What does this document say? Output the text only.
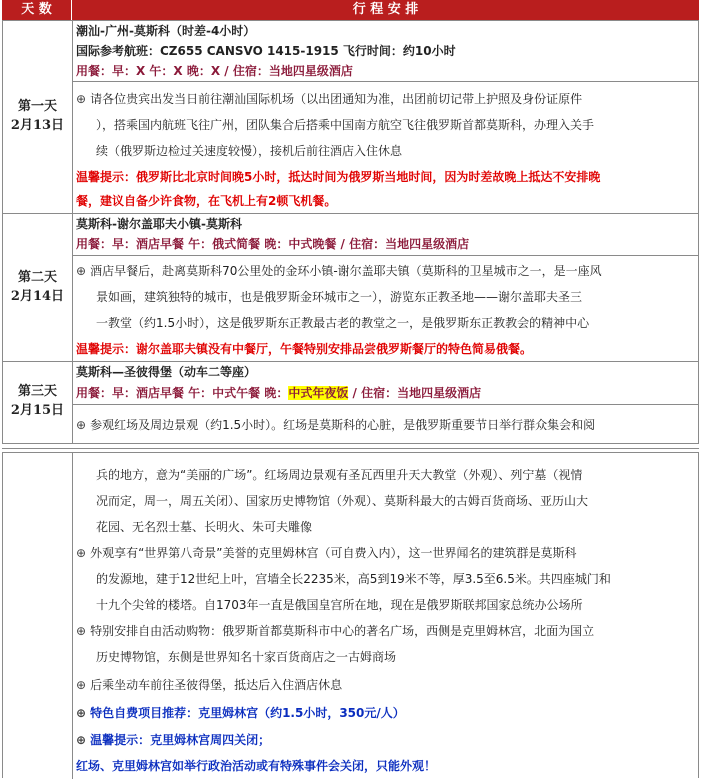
天 数	行 程 安 排
第一天
2月13日
第二天
2月14日
第三天
2月15日
潮汕-广州-莫斯科（时差-4小时）
国际参考航班：CZ655 CANSVO 1415-1915 飞行时间：约10小时
用餐：早：X 午：X 晚：X / 住宿：当地四星级酒店
⊕ 请各位贵宾出发当日前往潮汕国际机场（以出团通知为准，出团前切记带上护照及身份证原件
），搭乘国内航班飞往广州，团队集合后搭乘中国南方航空飞往俄罗斯首都莫斯科，办理入关手
续（俄罗斯边检过关速度较慢），接机后前往酒店入住休息
温馨提示：俄罗斯比北京时间晚5小时，抵达时间为俄罗斯当地时间，因为时差故晚上抵达不安排晚
餐，建议自备少许食物，在飞机上有2顿飞机餐。
莫斯科-谢尔盖耶夫小镇-莫斯科
用餐：早：酒店早餐 午：俄式简餐 晚：中式晚餐 / 住宿：当地四星级酒店
⊕ 酒店早餐后，赴离莫斯科70公里处的金环小镇-谢尔盖耶夫镇（莫斯科的卫星城市之一，是一座风
景如画，建筑独特的城市，也是俄罗斯金环城市之一），游览东正教圣地——谢尔盖耶夫圣三
一教堂（约1.5小时），这是俄罗斯东正教最古老的教堂之一，是俄罗斯东正教教会的精神中心
温馨提示：谢尔盖耶夫镇没有中餐厅，午餐特别安排品尝俄罗斯餐厅的特色简易俄餐。
莫斯科—圣彼得堡（动车二等座）
用餐：早：酒店早餐 午：中式午餐 晚：中式年夜饭 / 住宿：当地四星级酒店
⊕ 参观红场及周边景观（约1.5小时）。红场是莫斯科的心脏，是俄罗斯重要节日举行群众集会和阅
兵的地方，意为“美丽的广场”。红场周边景观有圣瓦西里升天大教堂（外观）、列宁墓（视情
况而定，周一，周五关闭）、国家历史博物馆（外观）、莫斯科最大的古姆百货商场、亚历山大
花园、无名烈士墓、长明火、朱可夫雕像
⊕ 外观享有“世界第八奇景”美誉的克里姆林宫（可自费入内），这一世界闻名的建筑群是莫斯科
的发源地，建于12世纪上叶，宫墙全长2235米，高5到19米不等，厚3.5至6.5米。共四座城门和
十九个尖耸的楼塔。自1703年一直是俄国皇宫所在地，现在是俄罗斯联邦国家总统办公场所
⊕ 特别安排自由活动购物：俄罗斯首都莫斯科市中心的著名广场，西侧是克里姆林宫，北面为国立
历史博物馆，东侧是世界知名十家百货商店之一古姆商场
⊕ 后乘坐动车前往圣彼得堡，抵达后入住酒店休息
⊕ 特色自费项目推荐：克里姆林宫（约1.5小时，350元/人）
⊕ 温馨提示：克里姆林宫周四关闭；
红场、克里姆林宫如举行政治活动或有特殊事件会关闭，只能外观！
